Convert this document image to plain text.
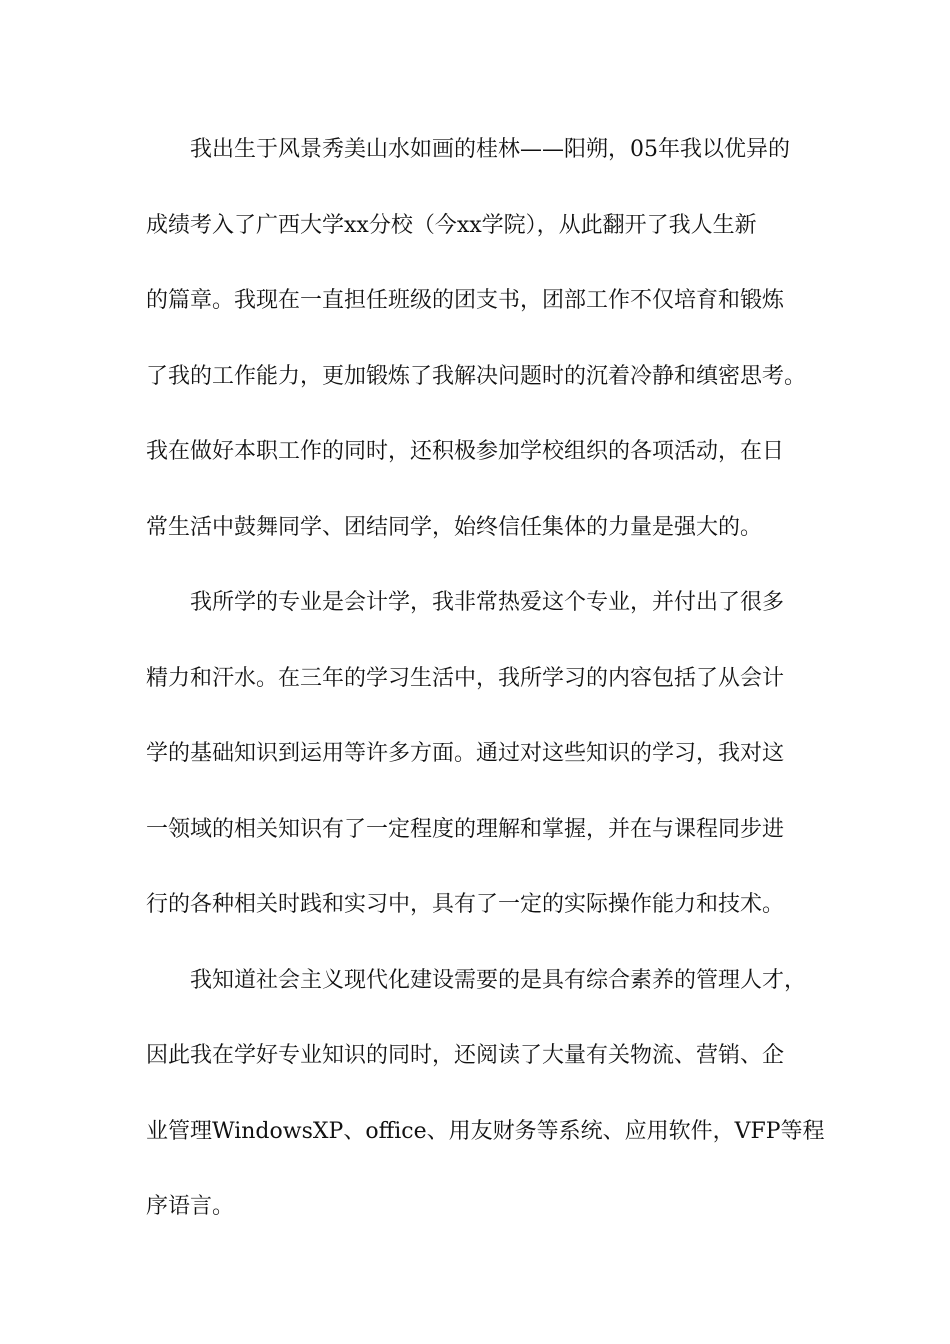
我出生于风景秀美山水如画的桂林——阳朔，05年我以优异的
成绩考入了广西大学xx分校（今xx学院），从此翻开了我人生新
的篇章。我现在一直担任班级的团支书，团部工作不仅培育和锻炼
了我的工作能力，更加锻炼了我解决问题时的沉着冷静和缜密思考。
我在做好本职工作的同时，还积极参加学校组织的各项活动，在日
常生活中鼓舞同学、团结同学，始终信任集体的力量是强大的。
我所学的专业是会计学，我非常热爱这个专业，并付出了很多
精力和汗水。在三年的学习生活中，我所学习的内容包括了从会计
学的基础知识到运用等许多方面。通过对这些知识的学习，我对这
一领域的相关知识有了一定程度的理解和掌握，并在与课程同步进
行的各种相关时践和实习中，具有了一定的实际操作能力和技术。
我知道社会主义现代化建设需要的是具有综合素养的管理人才，
因此我在学好专业知识的同时，还阅读了大量有关物流、营销、企
业管理WindowsXP、office、用友财务等系统、应用软件，VFP等程
序语言。
